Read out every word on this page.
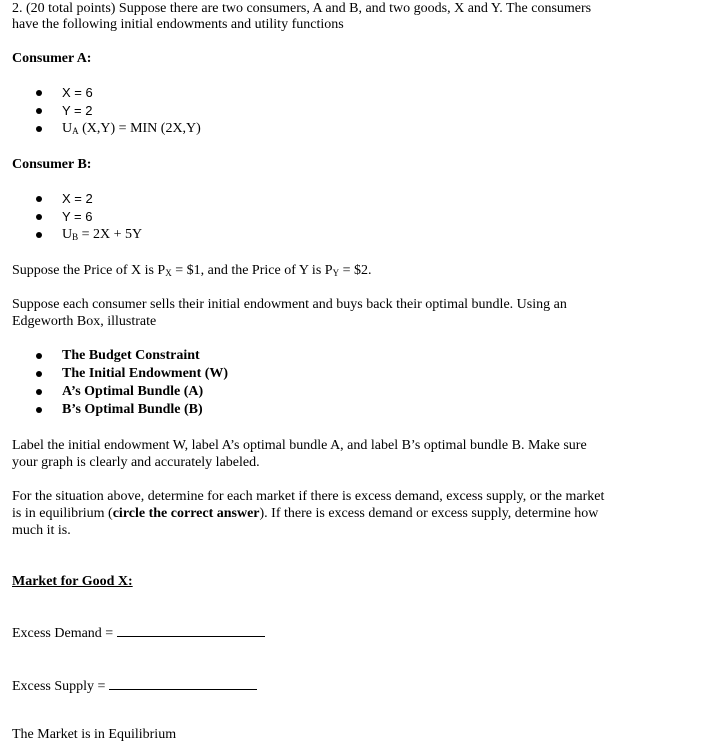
2. (20 total points) Suppose there are two consumers, A and B, and two goods, X and Y. The consumers

have the following initial endowments and utility functions

Consumer A:

X = 6
Y = 2
$U_A$ (X,Y) = MIN (2X,Y)

Consumer B:

X = 2
Y = 6
$U_B = 2X + 5Y$

Suppose the Price of X is $P_X$ = $1, and the Price of Y is $P_Y$ = $2.

Suppose each consumer sells their initial endowment and buys back their optimal bundle. Using an
Edgeworth Box, illustrate
The Budget Constraint
The Initial Endowment (W)
A’s Optimal Bundle (A)
B’s Optimal Bundle (B)
Label the initial endowment W, label A’s optimal bundle A, and label B’s optimal bundle B. Make sure
your graph is clearly and accurately labeled.
For the situation above, determine for each market if there is excess demand, excess supply, or the market
is in equilibrium (circle the correct answer). If there is excess demand or excess supply, determine how
much it is.

Market for Good X:

Excess Demand =

Excess Supply =

The Market is in Equilibrium
